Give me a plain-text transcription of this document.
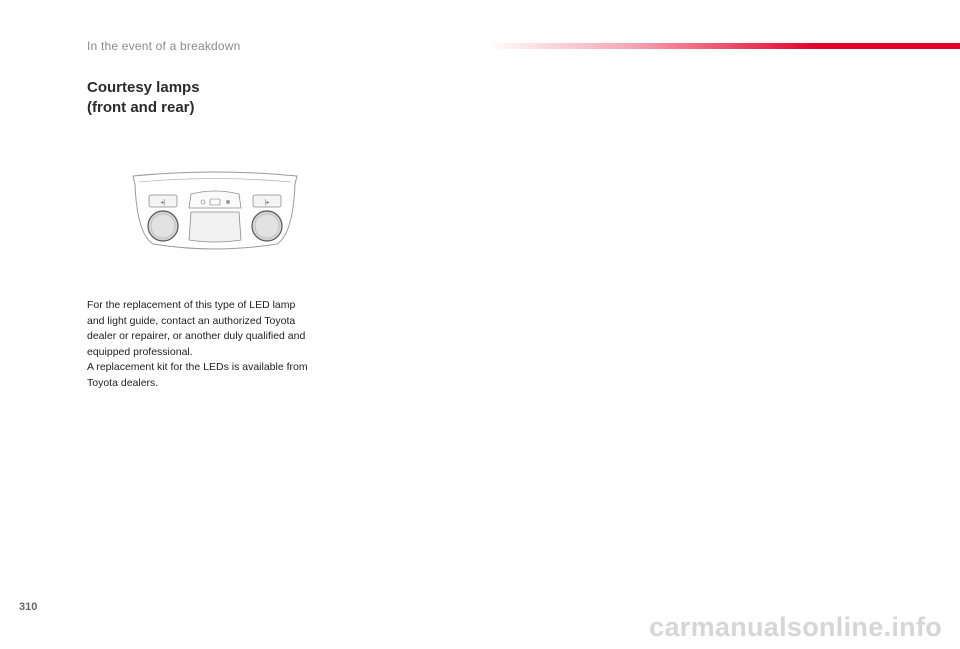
In the event of a breakdown
Courtesy lamps
(front and rear)
◂|	|▸

For the replacement of this type of LED lamp
and light guide, contact an authorized Toyota
dealer or repairer, or another duly qualified and
equipped professional.
A replacement kit for the LEDs is available from
Toyota dealers.

310
carmanualsonline.info
